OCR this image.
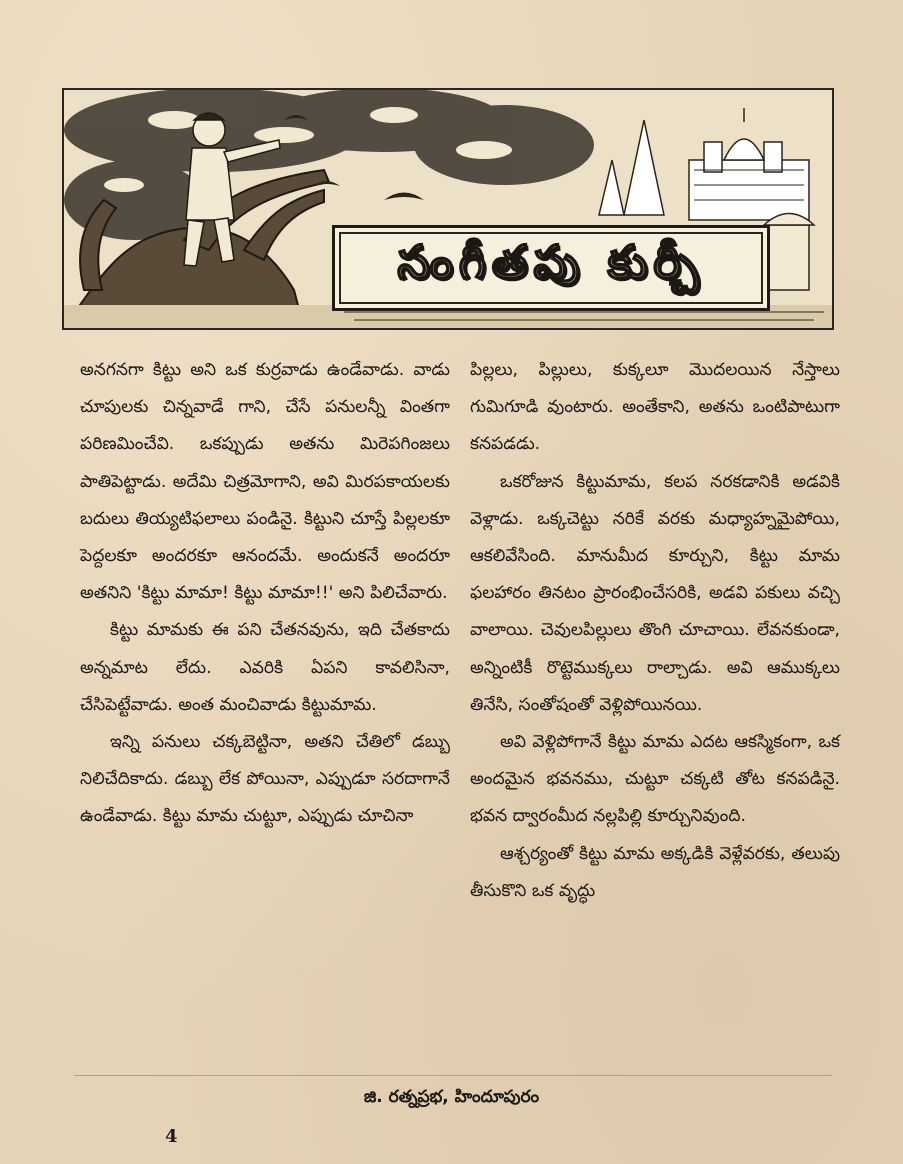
సంగీతపు కుర్చీ

అనగనగా కిట్టు అని ఒక కుర్రవాడు ఉండేవాడు. వాడు చూపులకు చిన్నవాడే గాని, చేసే పనులన్నీ వింతగా పరిణమించేవి. ఒకప్పుడు అతను మిరెపగింజలు పాతిపెట్టాడు. అదేమి చిత్రమోగాని, అవి మిరపకాయలకు బదులు తియ్యటిఫలాలు పండినై. కిట్టుని చూస్తే పిల్లలకూ పెద్దలకూ అందరకూ ఆనందమే. అందుకనే అందరూ అతనిని 'కిట్టు మామా! కిట్టు మామా!!' అని పిలిచేవారు.

కిట్టు మామకు ఈ పని చేతనవును, ఇది చేతకాదు అన్నమాట లేదు. ఎవరికి ఏపని కావలిసినా, చేసిపెట్టేవాడు. అంత మంచివాడు కిట్టుమామ.

ఇన్ని పనులు చక్కబెట్టినా, అతని చేతిలో డబ్బు నిలిచేదికాదు. డబ్బు లేక పోయినా, ఎప్పుడూ సరదాగానే ఉండేవాడు. కిట్టు మామ చుట్టూ, ఎప్పుడు చూచినా

పిల్లలు, పిల్లులు, కుక్కలూ మొదలయిన నేస్తాలు గుమిగూడి వుంటారు. అంతేకాని, అతను ఒంటిపాటుగా కనపడడు.

ఒకరోజున కిట్టుమామ, కలప నరకడానికి అడవికి వెళ్లాడు. ఒక్కచెట్టు నరికే వరకు మధ్యాహ్నమైపోయి, ఆకలివేసింది. మానుమీద కూర్చుని, కిట్టు మామ ఫలహారం తినటం ప్రారంభించేసరికి, అడవి పకులు వచ్చి వాలాయి. చెవులపిల్లులు తొంగి చూచాయి. లేవనకుండా, అన్నింటికీ రొట్టెముక్కలు రాల్చాడు. అవి ఆముక్కలు తినేసి, సంతోషంతో వెళ్లిపోయినయి.

అవి వెళ్లిపోగానే కిట్టు మామ ఎదట ఆకస్మికంగా, ఒక అందమైన భవనము, చుట్టూ చక్కటి తోట కనపడినై. భవన ద్వారంమీద నల్లపిల్లి కూర్చునివుంది.

ఆశ్చర్యంతో కిట్టు మామ అక్కడికి వెళ్లేవరకు, తలుపు తీసుకొని ఒక వృద్ధు

జి. రత్నప్రభ, హిందూపురం
4
